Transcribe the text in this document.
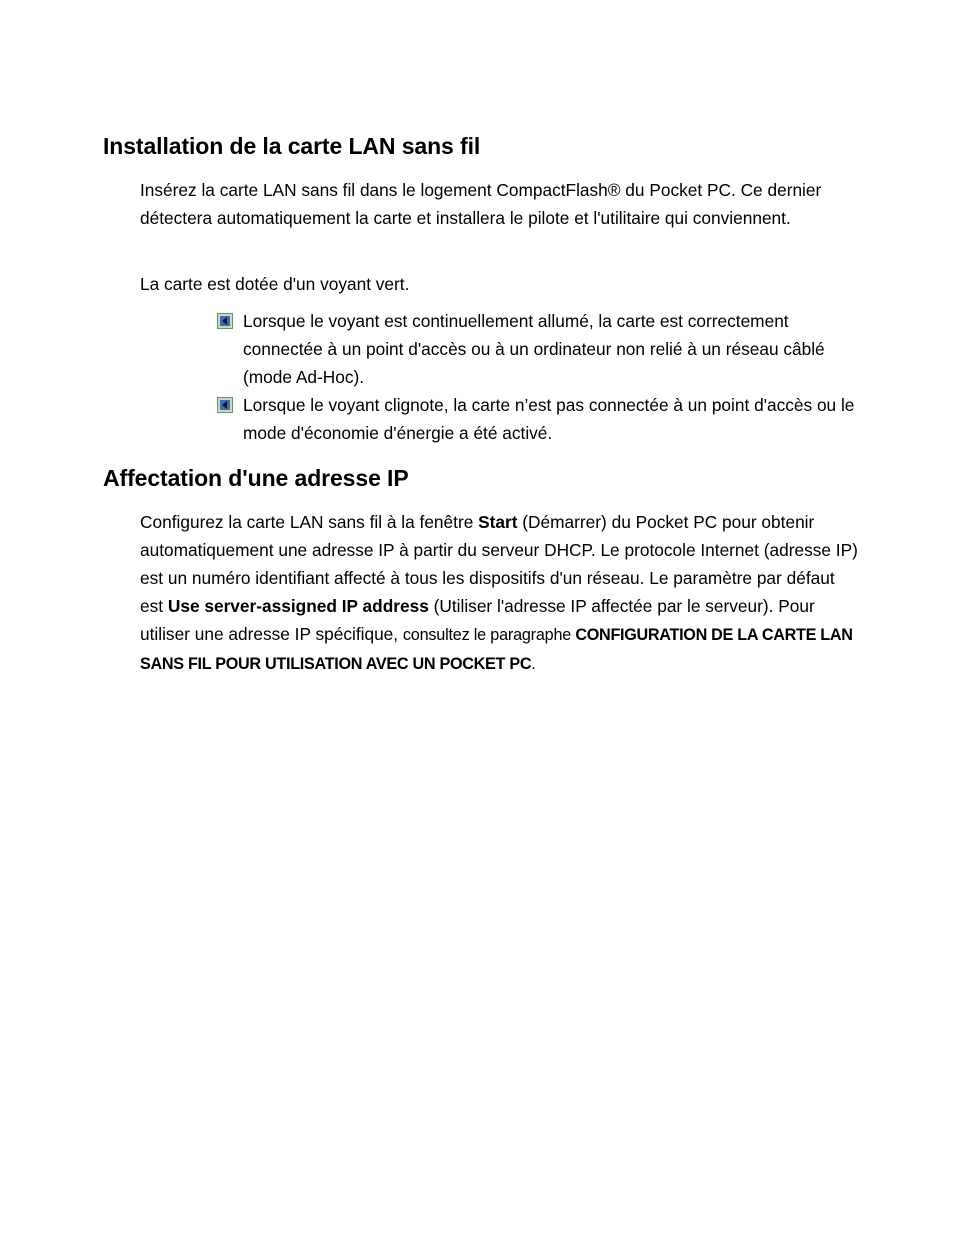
Installation de la carte LAN sans fil

Insérez la carte LAN sans fil dans le logement CompactFlash® du Pocket PC. Ce dernier détectera automatiquement la carte et installera le pilote et l'utilitaire qui conviennent.

La carte est dotée d'un voyant vert.

Lorsque le voyant est continuellement allumé, la carte est correctement connectée à un point d'accès ou à un ordinateur non relié à un réseau câblé (mode Ad-Hoc).
Lorsque le voyant clignote, la carte n’est pas connectée à un point d'accès ou le mode d'économie d'énergie a été activé.
Affectation d'une adresse IP

Configurez la carte LAN sans fil à la fenêtre Start (Démarrer) du Pocket PC pour obtenir automatiquement une adresse IP à partir du serveur DHCP. Le protocole Internet (adresse IP) est un numéro identifiant affecté à tous les dispositifs d'un réseau. Le paramètre par défaut est Use server-assigned IP address (Utiliser l'adresse IP affectée par le serveur). Pour utiliser une adresse IP spécifique, consultez le paragraphe CONFIGURATION DE LA CARTE LAN SANS FIL POUR UTILISATION AVEC UN POCKET PC.
